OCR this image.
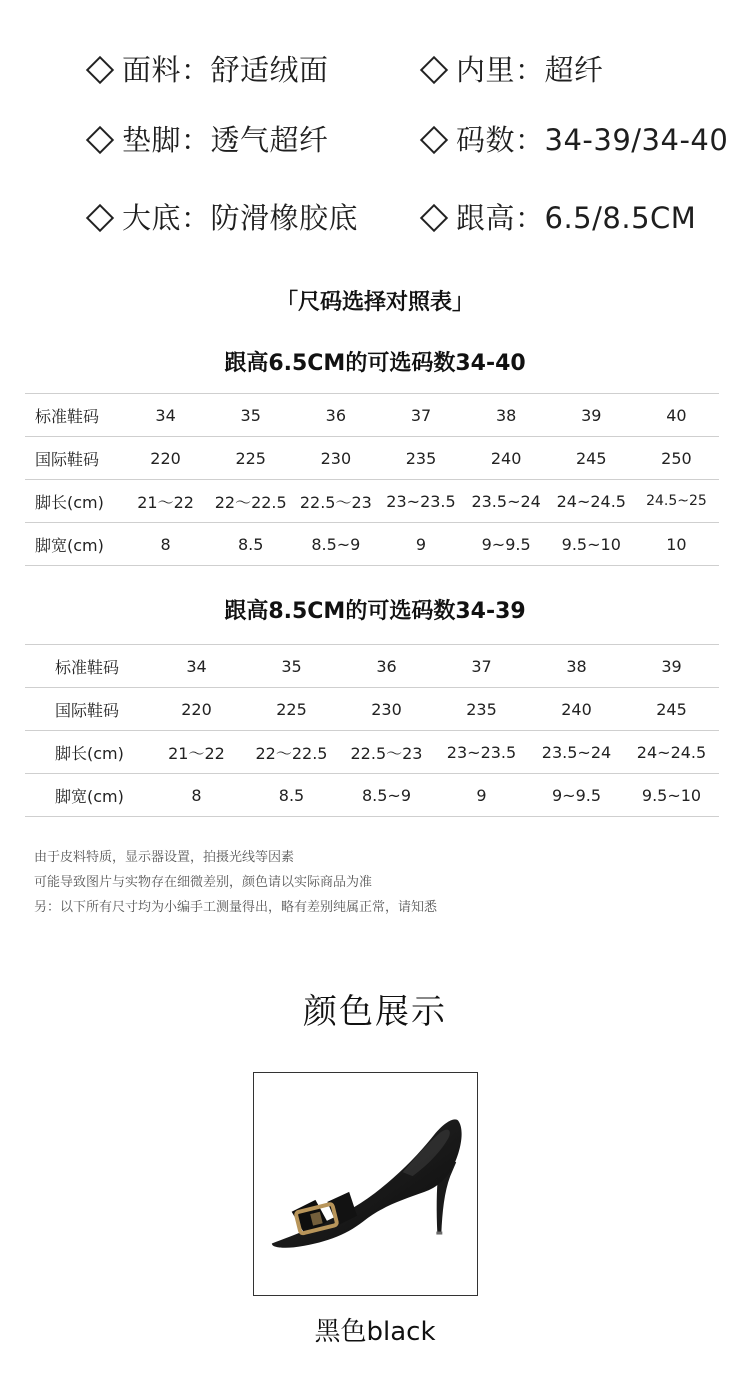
面料：舒适绒面	内里：超纤
垫脚：透气超纤	码数：34-39/34-40
大底：防滑橡胶底	跟高：6.5/8.5CM
「尺码选择对照表」
跟高6.5CM的可选码数34-40
标准鞋码	34	35	36	37	38	39	40
国际鞋码	220	225	230	235	240	245	250
脚长(cm)	21～22	22～22.5	22.5～23	23~23.5	23.5~24	24~24.5	24.5~25
脚宽(cm)	8	8.5	8.5~9	9	9~9.5	9.5~10	10
跟高8.5CM的可选码数34-39
标准鞋码	34	35	36	37	38	39
国际鞋码	220	225	230	235	240	245
脚长(cm)	21～22	22～22.5	22.5～23	23~23.5	23.5~24	24~24.5
脚宽(cm)	8	8.5	8.5~9	9	9~9.5	9.5~10
由于皮料特质，显示器设置，拍摄光线等因素
可能导致图片与实物存在细微差别，颜色请以实际商品为准
另：以下所有尺寸均为小编手工测量得出，略有差别纯属正常，请知悉
颜色展示
黑色black
